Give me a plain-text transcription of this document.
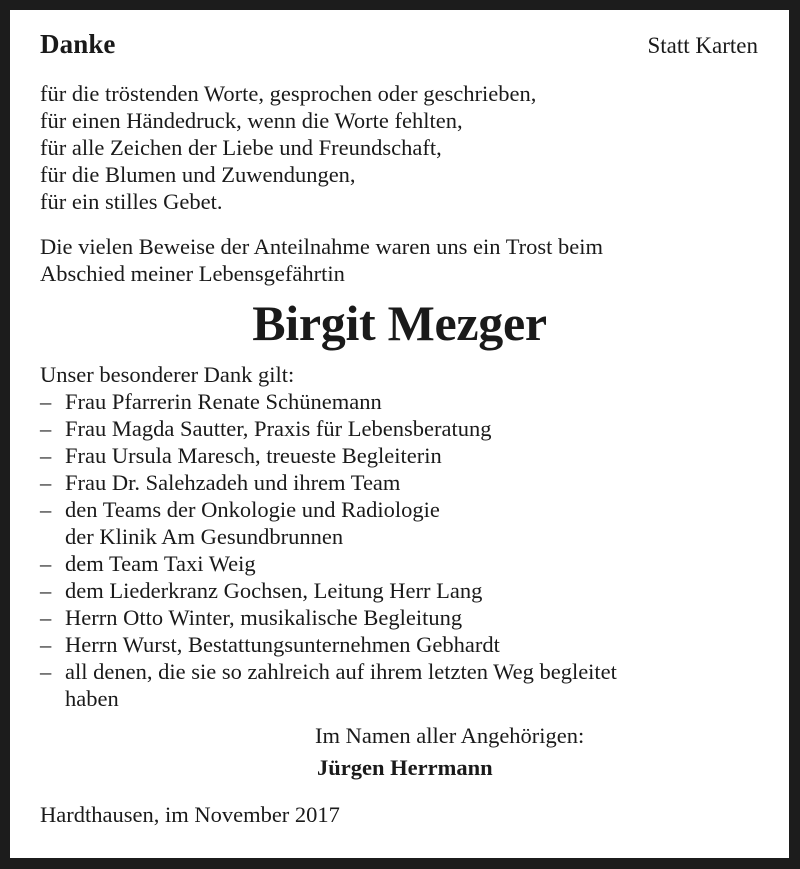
Danke	Statt Karten
für die tröstenden Worte, gesprochen oder geschrieben,
für einen Händedruck, wenn die Worte fehlten,
für alle Zeichen der Liebe und Freundschaft,
für die Blumen und Zuwendungen,
für ein stilles Gebet.
Die vielen Beweise der Anteilnahme waren uns ein Trost beim
Abschied meiner Lebensgefährtin
Birgit Mezger
Unser besonderer Dank gilt:
– Frau Pfarrerin Renate Schünemann
– Frau Magda Sautter, Praxis für Lebensberatung
– Frau Ursula Maresch, treueste Begleiterin
– Frau Dr. Salehzadeh und ihrem Team
– den Teams der Onkologie und Radiologie
der Klinik Am Gesundbrunnen
– dem Team Taxi Weig
– dem Liederkranz Gochsen, Leitung Herr Lang
– Herrn Otto Winter, musikalische Begleitung
– Herrn Wurst, Bestattungsunternehmen Gebhardt
– all denen, die sie so zahlreich auf ihrem letzten Weg begleitet
haben
Im Namen aller Angehörigen:
Jürgen Herrmann
Hardthausen, im November 2017
